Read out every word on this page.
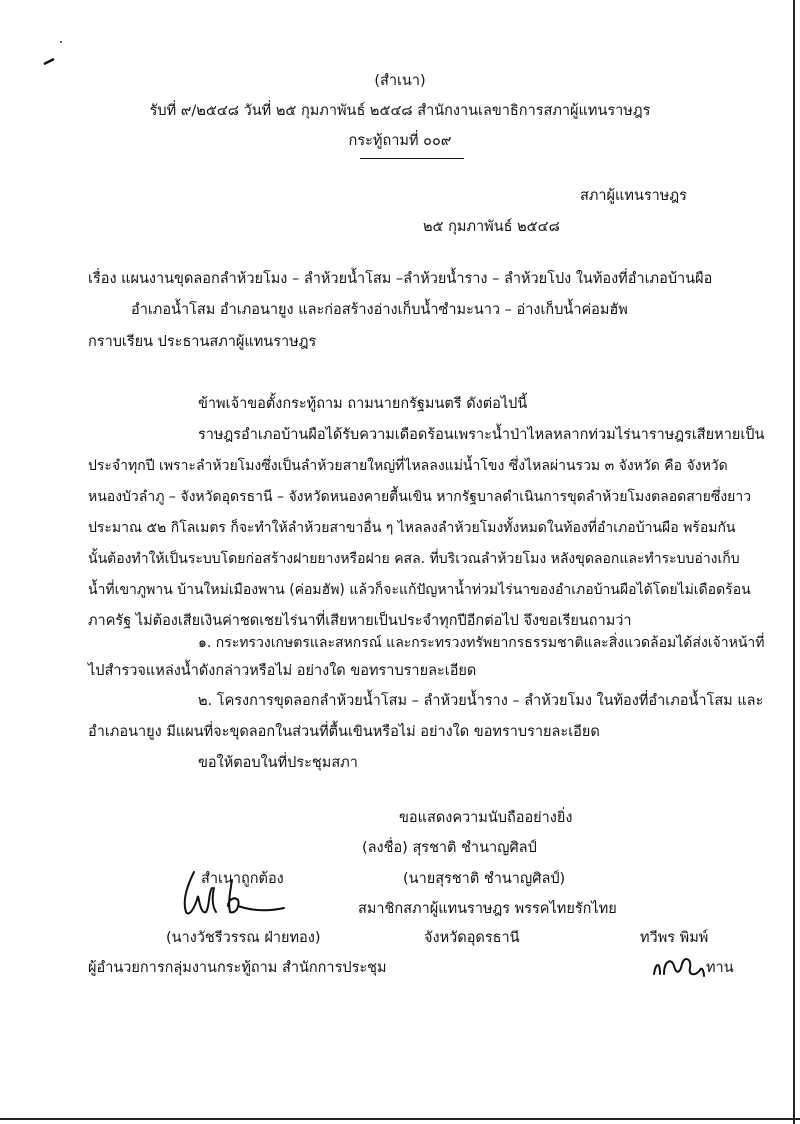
(สำเนา)
รับที่ ๙/๒๕๔๘ วันที่ ๒๕ กุมภาพันธ์ ๒๕๔๘ สำนักงานเลขาธิการสภาผู้แทนราษฎร
กระทู้ถามที่ ๐๐๙
สภาผู้แทนราษฎร
๒๕ กุมภาพันธ์ ๒๕๔๘
เรื่อง แผนงานขุดลอกลำห้วยโมง – ลำห้วยน้ำโสม –ลำห้วยน้ำราง – ลำห้วยโปง ในท้องที่อำเภอบ้านผือ
อำเภอน้ำโสม อำเภอนายูง และก่อสร้างอ่างเก็บน้ำซำมะนาว – อ่างเก็บน้ำค่อมฮัพ
กราบเรียน ประธานสภาผู้แทนราษฎร
ข้าพเจ้าขอตั้งกระทู้ถาม ถามนายกรัฐมนตรี ดังต่อไปนี้
ราษฎรอำเภอบ้านผือได้รับความเดือดร้อนเพราะน้ำป่าไหลหลากท่วมไร่นาราษฎรเสียหายเป็น
ประจำทุกปี เพราะลำห้วยโมงซึ่งเป็นลำห้วยสายใหญ่ที่ไหลลงแม่น้ำโขง ซึ่งไหลผ่านรวม ๓ จังหวัด คือ จังหวัด
หนองบัวลำภู – จังหวัดอุดรธานี – จังหวัดหนองคายตื้นเขิน หากรัฐบาลดำเนินการขุดลำห้วยโมงตลอดสายซึ่งยาว
ประมาณ ๕๒ กิโลเมตร ก็จะทำให้ลำห้วยสาขาอื่น ๆ ไหลลงลำห้วยโมงทั้งหมดในท้องที่อำเภอบ้านผือ พร้อมกัน
นั้นต้องทำให้เป็นระบบโดยก่อสร้างฝายยางหรือฝาย คสล. ที่บริเวณลำห้วยโมง หลังขุดลอกและทำระบบอ่างเก็บ
น้ำที่เขาภูพาน บ้านใหม่เมืองพาน (ค่อมฮัพ) แล้วก็จะแก้ปัญหาน้ำท่วมไร่นาของอำเภอบ้านผือได้โดยไม่เดือดร้อน
ภาครัฐ ไม่ต้องเสียเงินค่าชดเชยไร่นาที่เสียหายเป็นประจำทุกปีอีกต่อไป จึงขอเรียนถามว่า
๑. กระทรวงเกษตรและสหกรณ์ และกระทรวงทรัพยากรธรรมชาติและสิ่งแวดล้อมได้ส่งเจ้าหน้าที่
ไปสำรวจแหล่งน้ำดังกล่าวหรือไม่ อย่างใด ขอทราบรายละเอียด
๒. โครงการขุดลอกลำห้วยน้ำโสม – ลำห้วยน้ำราง – ลำห้วยโมง ในท้องที่อำเภอน้ำโสม และ
อำเภอนายูง มีแผนที่จะขุดลอกในส่วนที่ตื้นเขินหรือไม่ อย่างใด ขอทราบรายละเอียด
ขอให้ตอบในที่ประชุมสภา
ขอแสดงความนับถืออย่างยิ่ง
(ลงชื่อ) สุรชาติ ชำนาญศิลป์
(นายสุรชาติ ชำนาญศิลป์)
สมาชิกสภาผู้แทนราษฎร พรรคไทยรักไทย
จังหวัดอุดรธานี
สำเนาถูกต้อง
(นางวัชรีวรรณ ฝ่ายทอง)
ผู้อำนวยการกลุ่มงานกระทู้ถาม สำนักการประชุม
ทวีพร พิมพ์
ทาน
